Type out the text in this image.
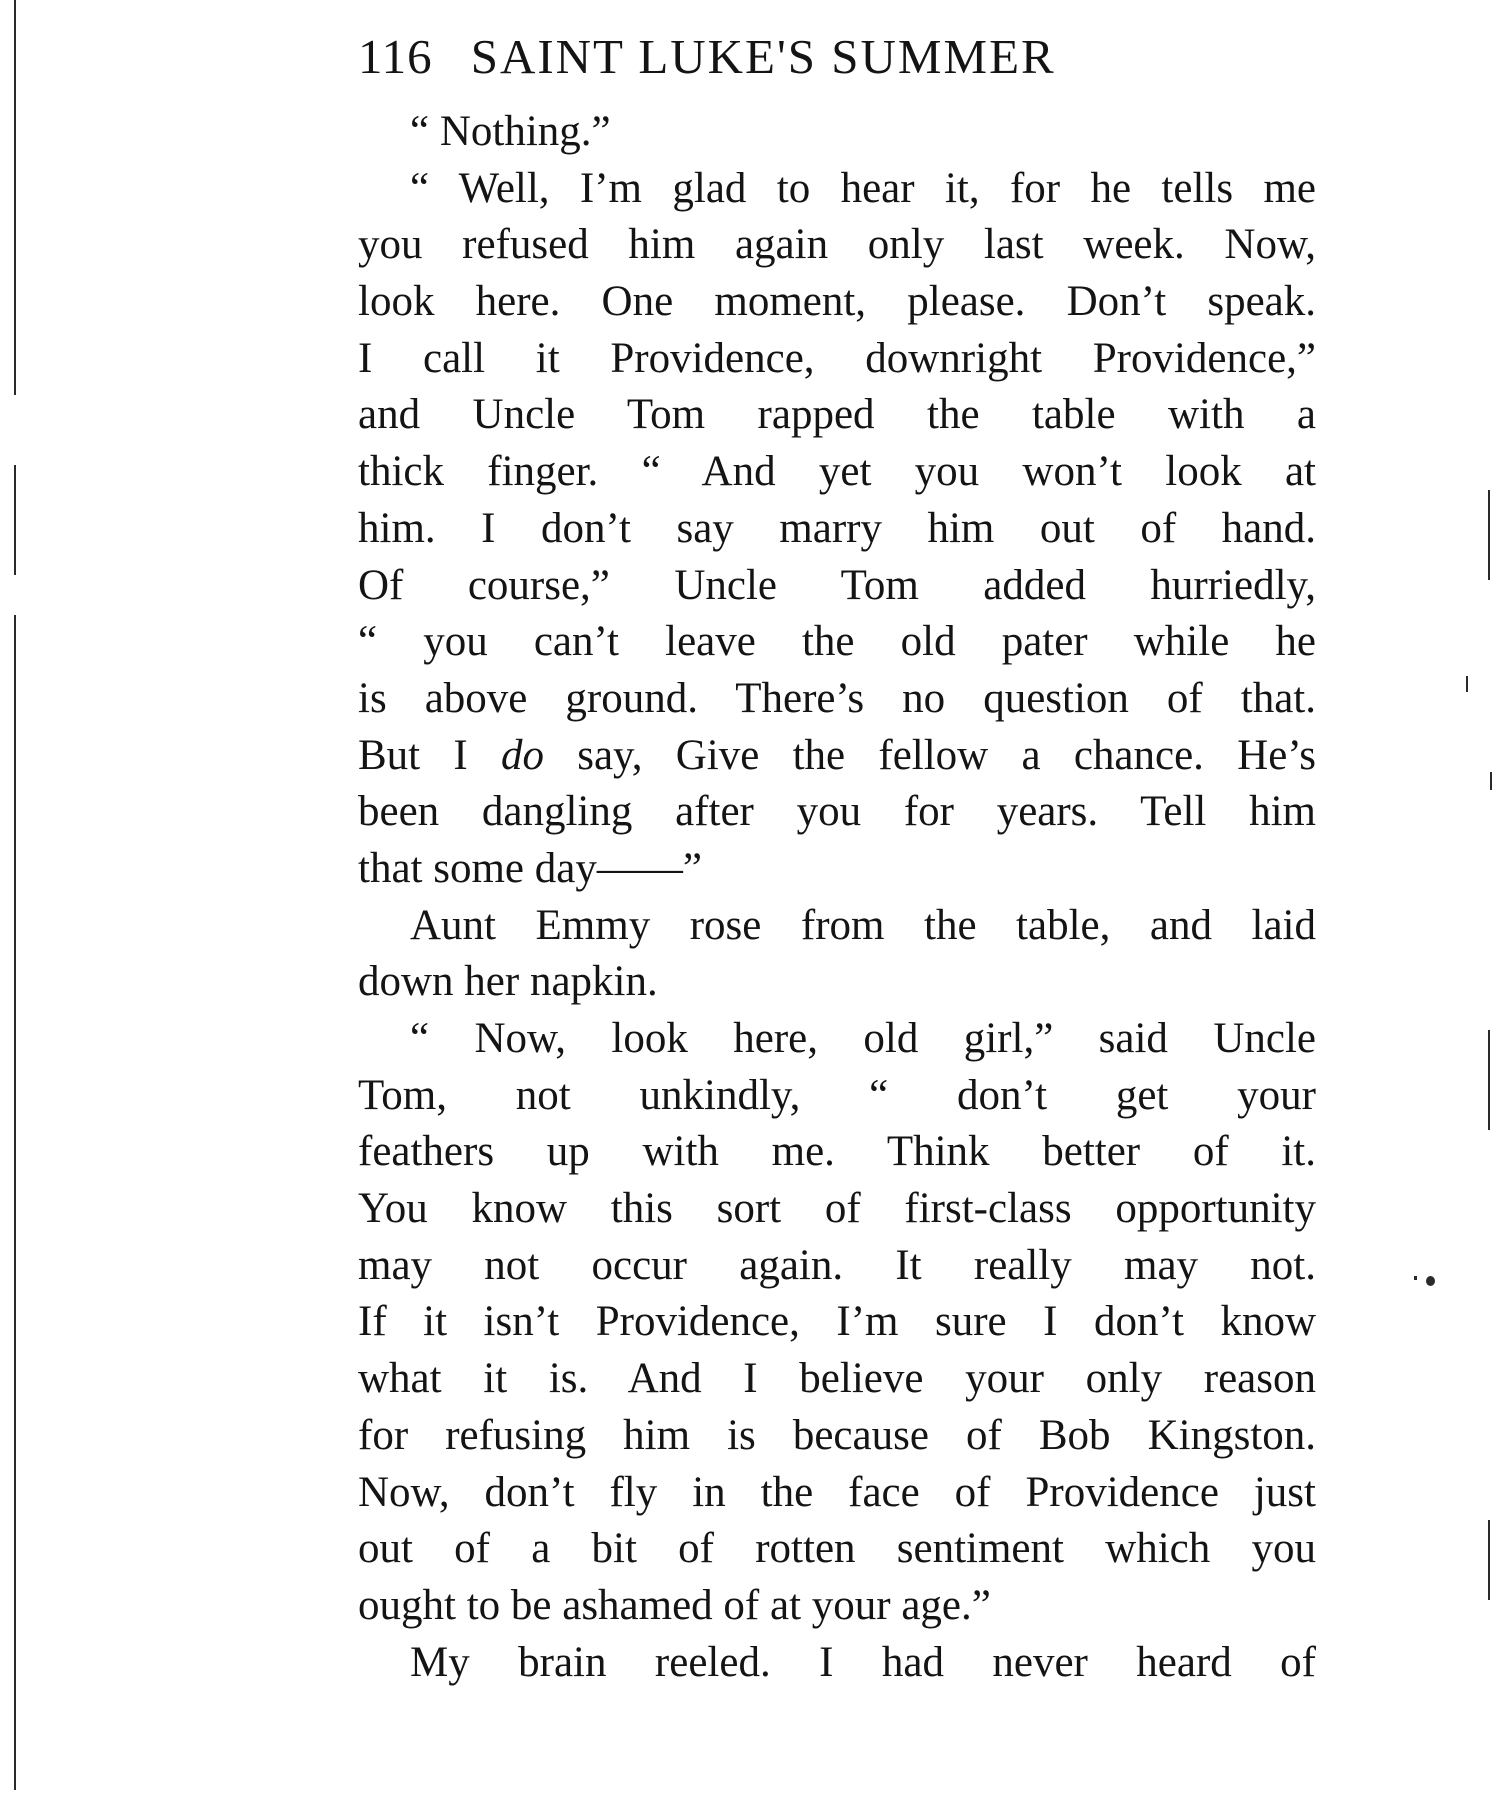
116 SAINT LUKE'S SUMMER
“ Nothing.”
“ Well, I’m glad to hear it, for he tells me
you refused him again only last week. Now,
look here. One moment, please. Don’t speak.
I call it Providence, downright Providence,”
and Uncle Tom rapped the table with a
thick finger. “ And yet you won’t look at
him. I don’t say marry him out of hand.
Of course,” Uncle Tom added hurriedly,
“ you can’t leave the old pater while he
is above ground. There’s no question of that.
But I do say, Give the fellow a chance. He’s
been dangling after you for years. Tell him
that some day——”
Aunt Emmy rose from the table, and laid
down her napkin.
“ Now, look here, old girl,” said Uncle
Tom, not unkindly, “ don’t get your
feathers up with me. Think better of it.
You know this sort of first-class opportunity
may not occur again. It really may not.
If it isn’t Providence, I’m sure I don’t know
what it is. And I believe your only reason
for refusing him is because of Bob Kingston.
Now, don’t fly in the face of Providence just
out of a bit of rotten sentiment which you
ought to be ashamed of at your age.”
My brain reeled. I had never heard of
